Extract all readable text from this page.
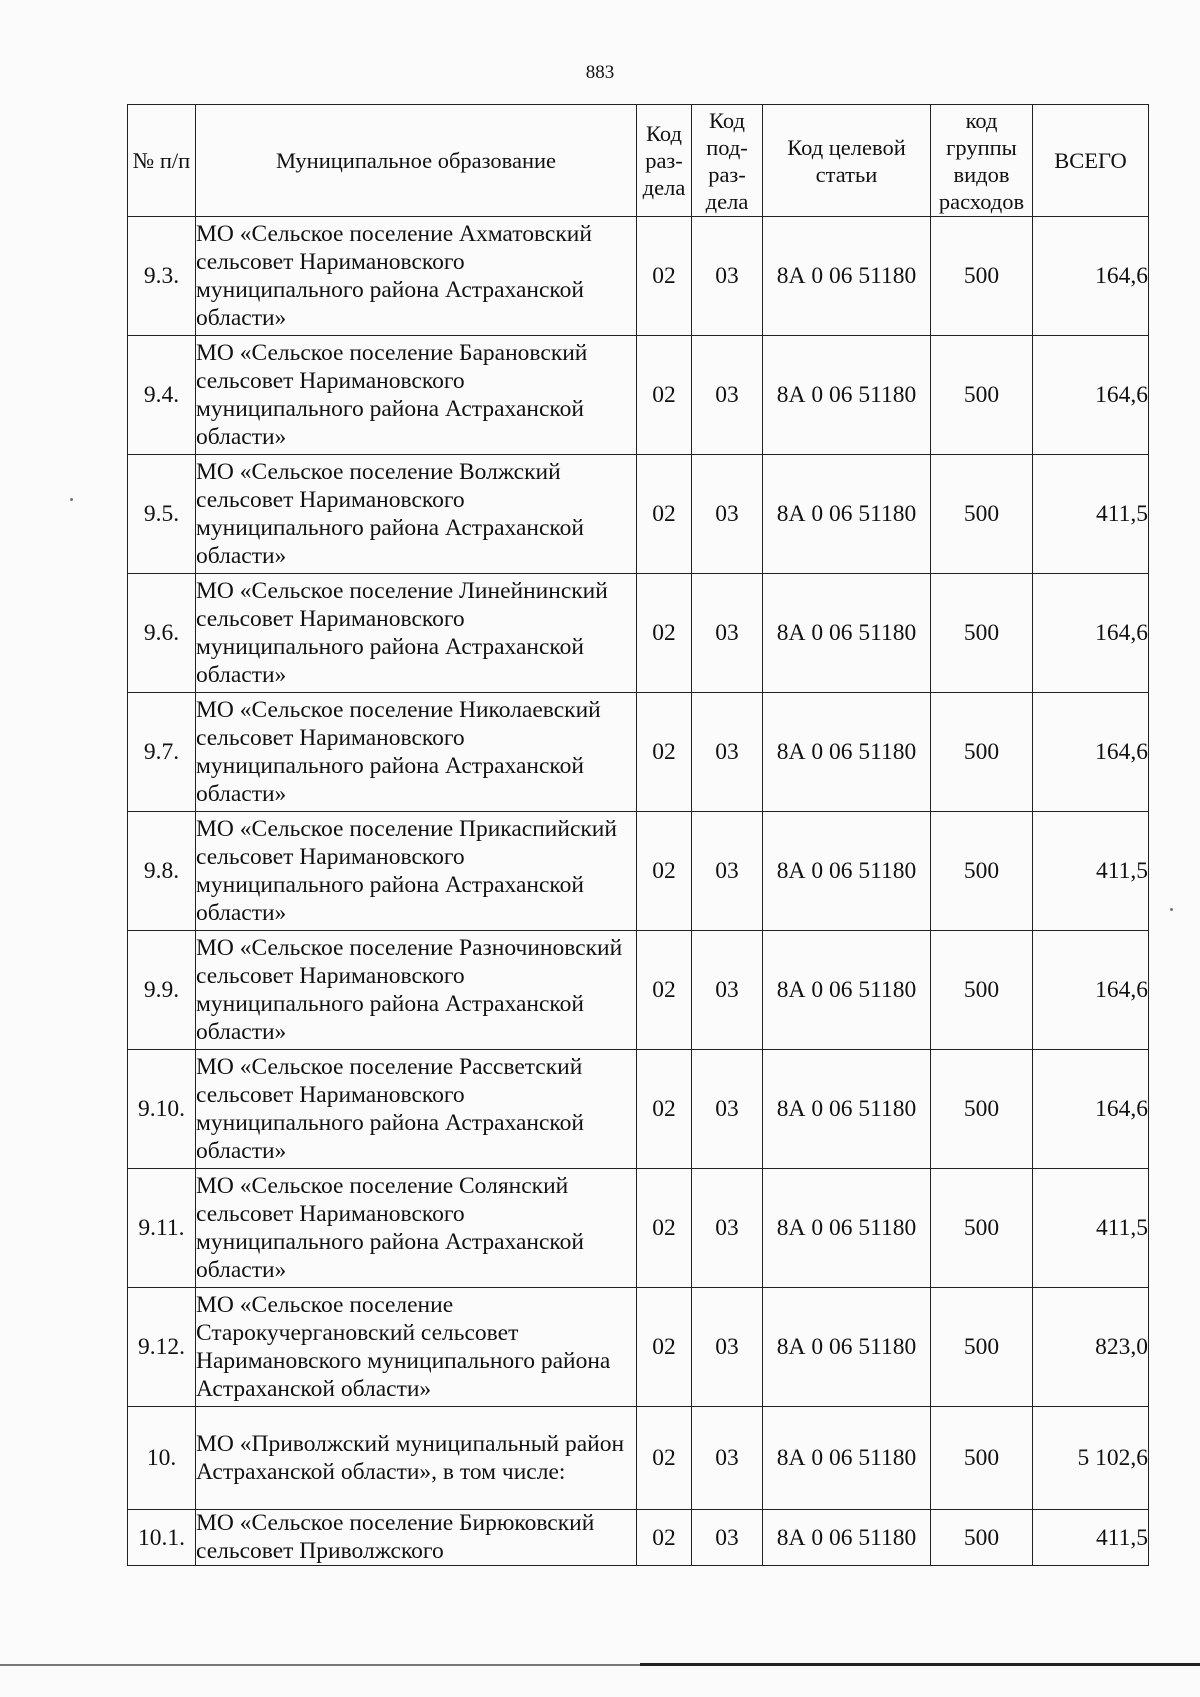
883
№ п/п	Муниципальное образование	Код раз-дела	Код под-раз-дела	Код целевой статьи	код группы видов расходов	ВСЕГО
9.3.	МО «Сельское поселение Ахматовский сельсовет Наримановского муниципального района Астраханской области»	02	03	8А 0 06 51180	500	164,6
9.4.	МО «Сельское поселение Барановский сельсовет Наримановского муниципального района Астраханской области»	02	03	8А 0 06 51180	500	164,6
9.5.	МО «Сельское поселение Волжский сельсовет Наримановского муниципального района Астраханской области»	02	03	8А 0 06 51180	500	411,5
9.6.	МО «Сельское поселение Линейнинский сельсовет Наримановского муниципального района Астраханской области»	02	03	8А 0 06 51180	500	164,6
9.7.	МО «Сельское поселение Николаевский сельсовет Наримановского муниципального района Астраханской области»	02	03	8А 0 06 51180	500	164,6
9.8.	МО «Сельское поселение Прикаспийский сельсовет Наримановского муниципального района Астраханской области»	02	03	8А 0 06 51180	500	411,5
9.9.	МО «Сельское поселение Разночиновский сельсовет Наримановского муниципального района Астраханской области»	02	03	8А 0 06 51180	500	164,6
9.10.	МО «Сельское поселение Рассветский сельсовет Наримановского муниципального района Астраханской области»	02	03	8А 0 06 51180	500	164,6
9.11.	МО «Сельское поселение Солянский сельсовет Наримановского муниципального района Астраханской области»	02	03	8А 0 06 51180	500	411,5
9.12.	МО «Сельское поселение Старокучергановский сельсовет Наримановского муниципального района Астраханской области»	02	03	8А 0 06 51180	500	823,0
10.	МО «Приволжский муниципальный район Астраханской области», в том числе:	02	03	8А 0 06 51180	500	5 102,6
10.1.	МО «Сельское поселение Бирюковский сельсовет Приволжского	02	03	8А 0 06 51180	500	411,5
